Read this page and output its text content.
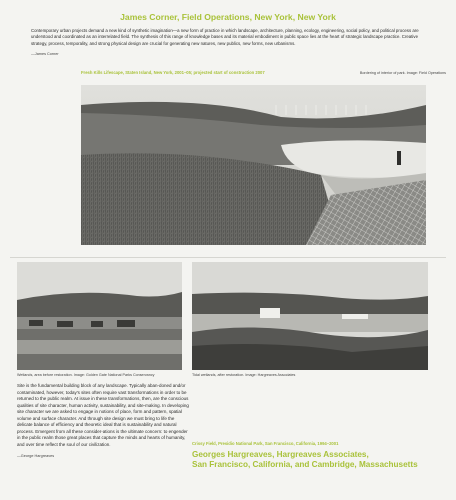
James Corner, Field Operations, New York, New York
Contemporary urban projects demand a new kind of synthetic imagination—a new form of practice in which landscape, architecture, planning, ecology, engineering, social policy, and political process are understood and coordinated as an interrelated field. The synthesis of this range of knowledge bases and its material embodiment in public space lies at the heart of strategic landscape practice. Creative strategy, process, temporality, and strong physical design are crucial for generating new natures, new publics, new forms, new urbanisms.
—James Corner
Fresh Kills Lifescape, Staten Island, New York, 2001–05; projected start of construction 2007	Bordering of interior of park. Image: Field Operations
Wetlands, area before restoration. Image: Golden Gate National Parks Conservancy	Tidal wetlands, after restoration. Image: Hargreaves Associates
Site is the fundamental building block of any landscape. Typically aban-doned and/or contaminated, however, today's sites often require vast transformations in order to be returned to the public realm. At issue in these transformations, then, are the conscious qualities of site character, human activity, sustainability, and site-making. In developing site character we are asked to engage in notions of place, form and pattern, spatial volume and surface character. And through site design we must bring to life the delicate balance of efficiency and theoretic ideal that is sustainability and natural process. Emergent from all these consider-ations is the ultimate concern: to engender in the public realm those great places that capture the minds and hearts of humanity, and over time reflect the soul of our civilization.
—George Hargreaves
Crissy Field, Presidio National Park, San Francisco, California, 1994–2001
Georges Hargreaves, Hargreaves Associates,
San Francisco, California, and Cambridge, Massachusetts
